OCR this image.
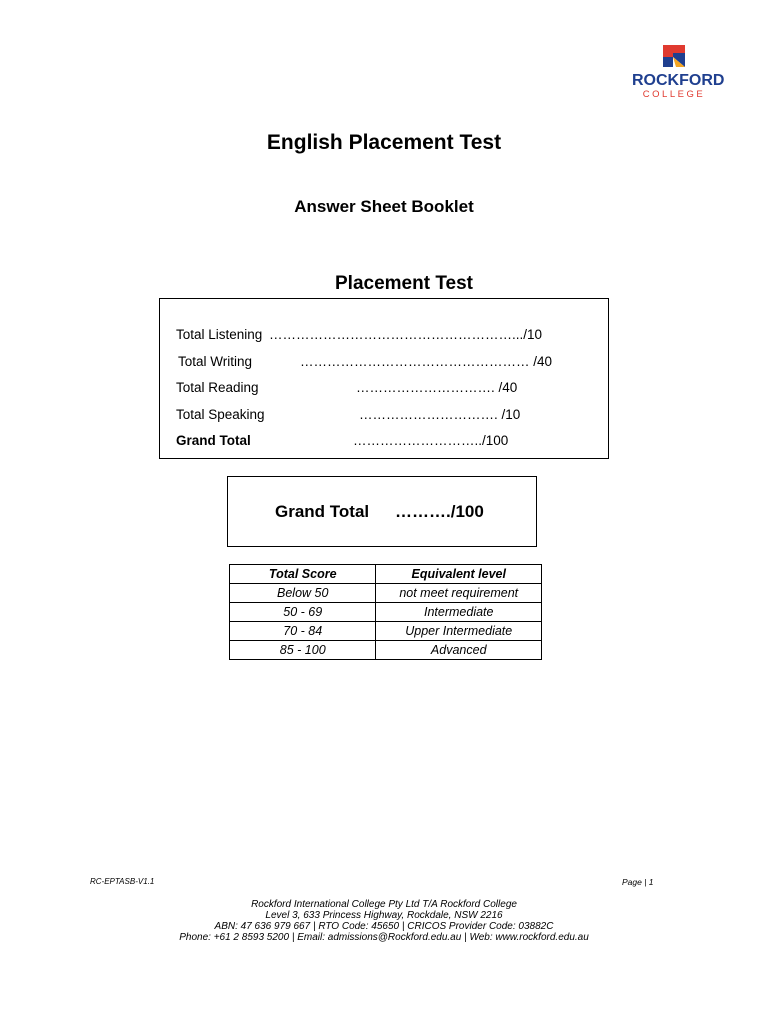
ROCKFORD
COLLEGE
English Placement Test
Answer Sheet Booklet
Placement Test
Total Listening ……………………………………………….../10
Total Writing	…………………………………………… /40
Total Reading	…………………………. /40
Total Speaking	…………………………. /10
Grand Total	………………………../100
Grand Total ………./100
Total Score	Equivalent level
Below 50	not meet requirement
50 - 69	Intermediate
70 - 84	Upper Intermediate
85 - 100	Advanced
RC-EPTASB-V1.1	Page | 1
Rockford International College Pty Ltd T/A Rockford College
Level 3, 633 Princess Highway, Rockdale, NSW 2216
ABN: 47 636 979 667 | RTO Code: 45650 | CRICOS Provider Code: 03882C
Phone: +61 2 8593 5200 | Email: admissions@Rockford.edu.au | Web: www.rockford.edu.au
